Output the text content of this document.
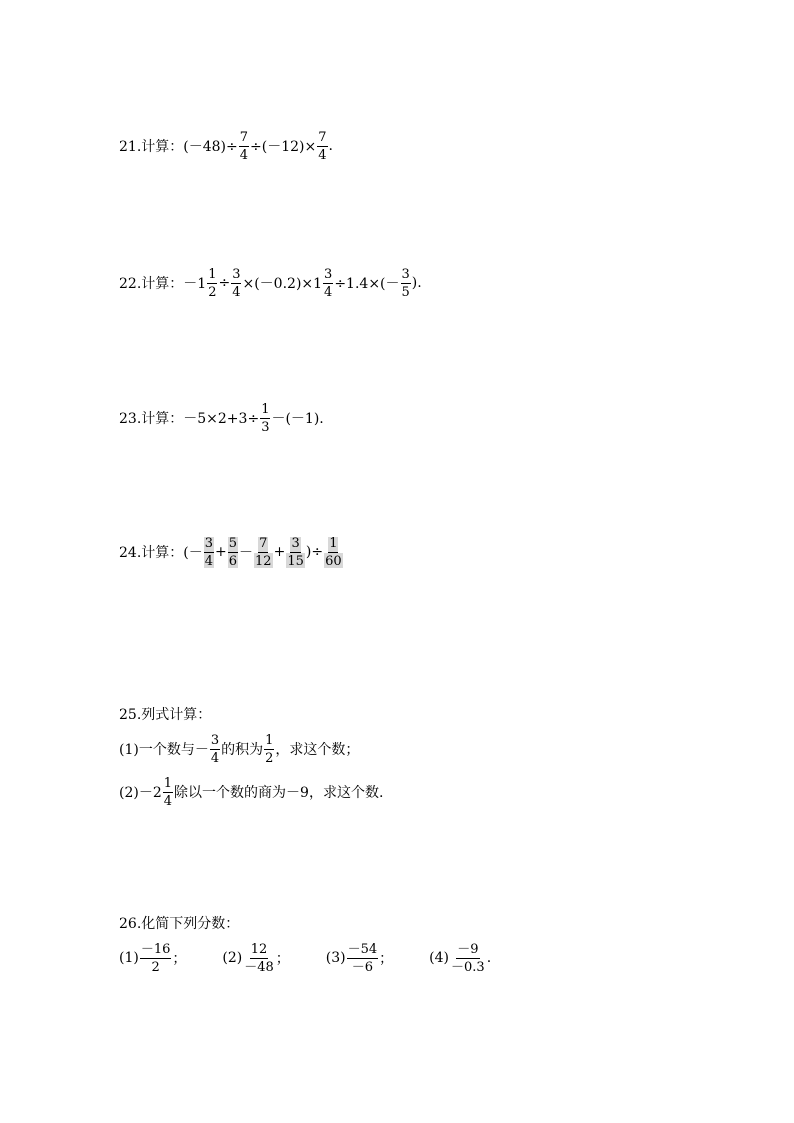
21.计算： $(-48)\div \frac{7}{4} \div(-12)\times \frac{7}{4}$ .
22.计算： $-1 \frac{1}{2} \div \frac{3}{4} \times(-0.2)\times 1 \frac{3}{4} \div 1.4\times(- \frac{3}{5}$ ).
23.计算： $-5\times 2+3\div \frac{1}{3} -(-1)$.
24.计算： (－ $\frac{3}{4} + \frac{5}{6} - \frac{7}{12} + \frac{3}{15}$ )÷ $\frac{1}{60}$
25.列式计算：
(1)一个数与－ $\frac{3}{4}$ 的积为 $\frac{1}{2}$ ，求这个数；
$(2)-2 \frac{1}{4}$ 除以一个数的商为－9，求这个数.
26.化简下列分数：
$(1) \frac{-16}{2}$ ；	$(2) \frac{12}{-48}$ ；	$(3) \frac{-54}{-6}$ ；	$(4) \frac{-9}{-0.3}$ .
